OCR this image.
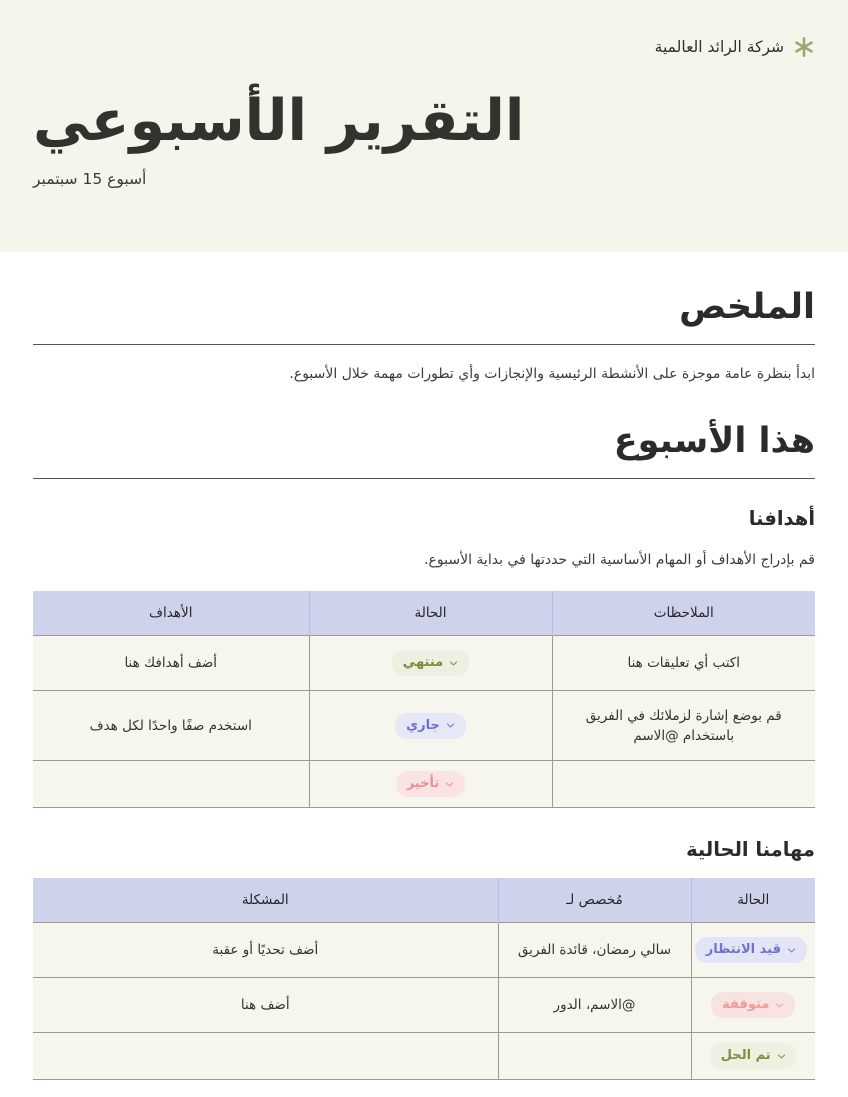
شركة الرائد العالمية
التقرير الأسبوعي
أسبوع 15 سبتمبر
الملخص
ابدأ بنظرة عامة موجزة على الأنشطة الرئيسية والإنجازات وأي تطورات مهمة خلال الأسبوع.
هذا الأسبوع
أهدافنا
قم بإدراج الأهداف أو المهام الأساسية التي حددتها في بداية الأسبوع.
الملاحظات	الحالة	الأهداف
اكتب أي تعليقات هنا	منتهي	أضف أهدافك هنا
قم بوضع إشارة لزملائك في الفريق باستخدام @الاسم	جاري	استخدم صفًا واحدًا لكل هدف

	تأخير	

مهامنا الحالية
الحالة	مُخصص لـ	المشكلة

قيد الانتظار	سالي رمضان، قائدة الفريق	أضف تحديًا أو عقبة

متوقفة	@الاسم، الدور	أضف هنا

تم الحل		
